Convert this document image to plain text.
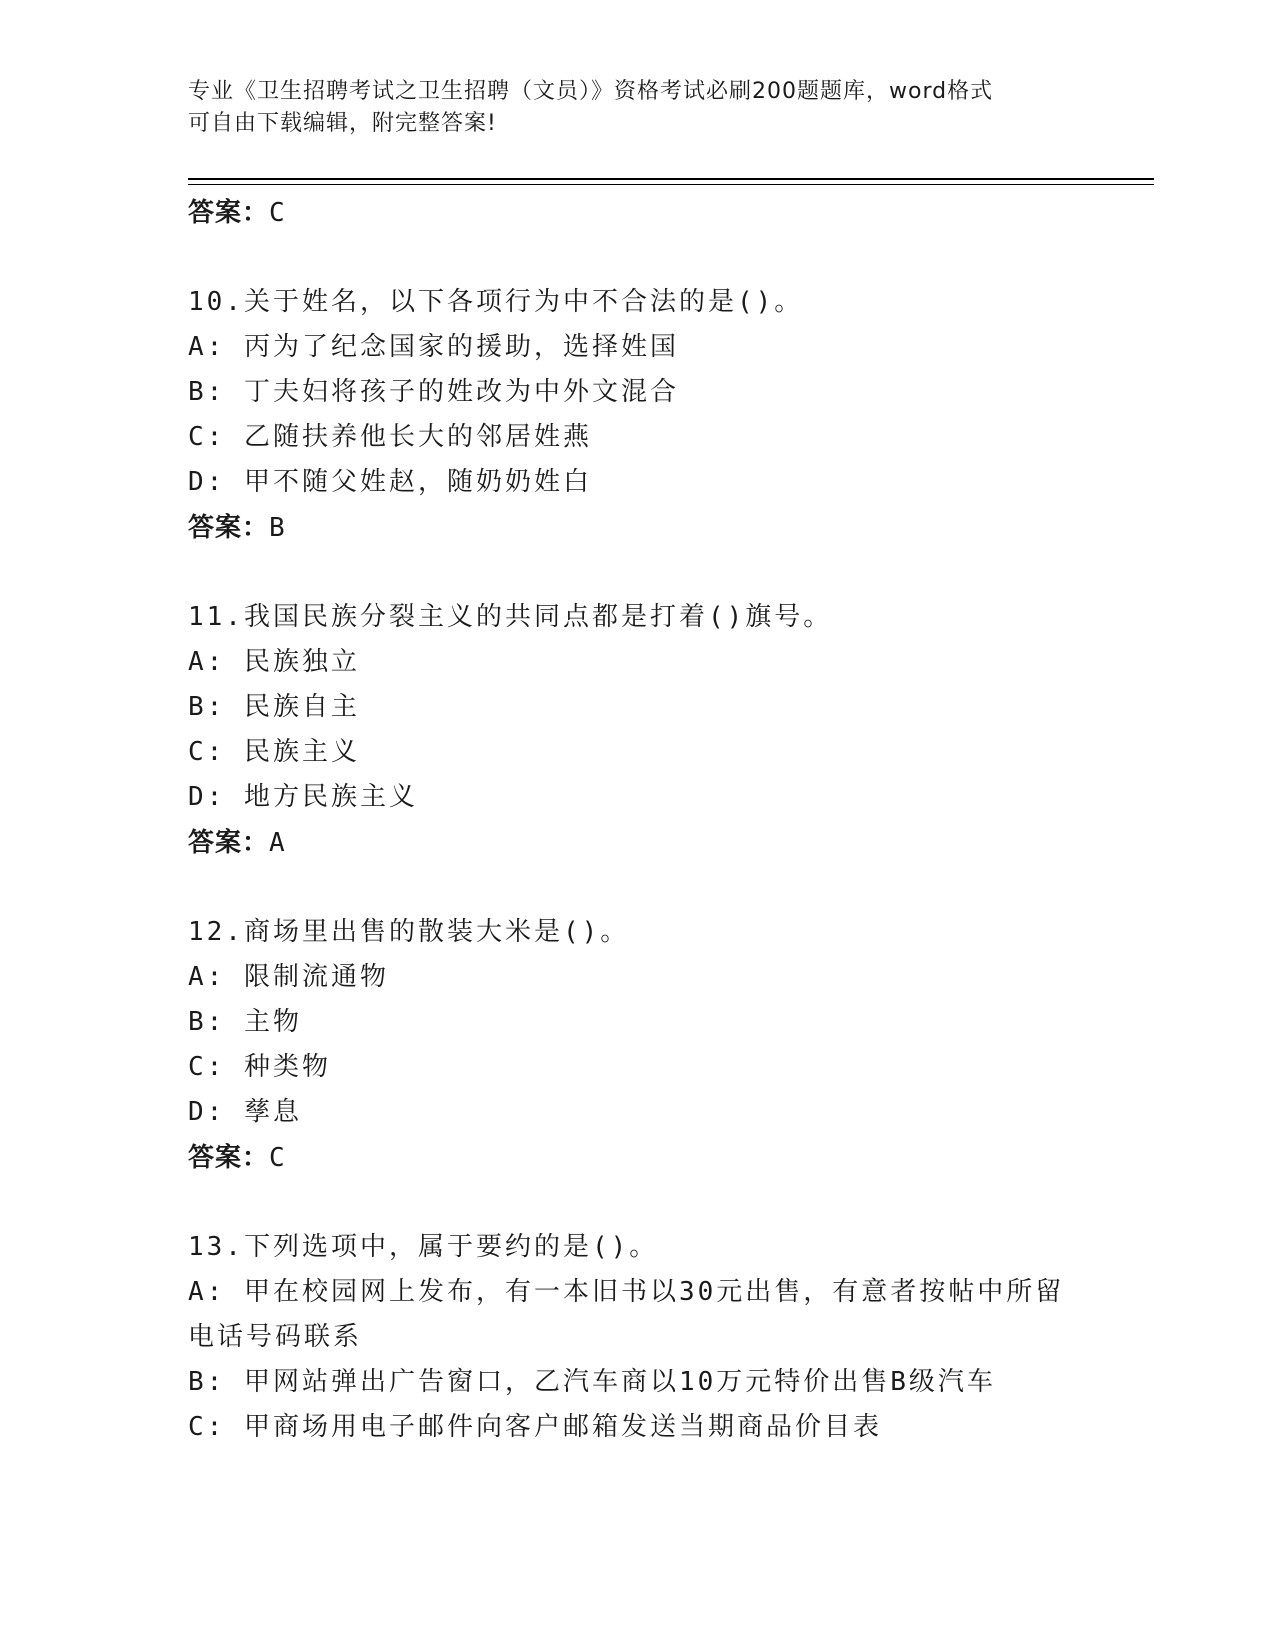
专业《卫生招聘考试之卫生招聘（文员）》资格考试必刷200题题库，word格式
可自由下载编辑，附完整答案!
答案：C
10.关于姓名，以下各项行为中不合法的是()。
A: 丙为了纪念国家的援助，选择姓国
B: 丁夫妇将孩子的姓改为中外文混合
C: 乙随扶养他长大的邻居姓燕
D: 甲不随父姓赵，随奶奶姓白
答案：B
11.我国民族分裂主义的共同点都是打着()旗号。
A: 民族独立
B: 民族自主
C: 民族主义
D: 地方民族主义
答案：A
12.商场里出售的散装大米是()。
A: 限制流通物
B: 主物
C: 种类物
D: 孳息
答案：C
13.下列选项中，属于要约的是()。
A: 甲在校园网上发布，有一本旧书以30元出售，有意者按帖中所留电话号码联系
B: 甲网站弹出广告窗口，乙汽车商以10万元特价出售B级汽车
C: 甲商场用电子邮件向客户邮箱发送当期商品价目表
